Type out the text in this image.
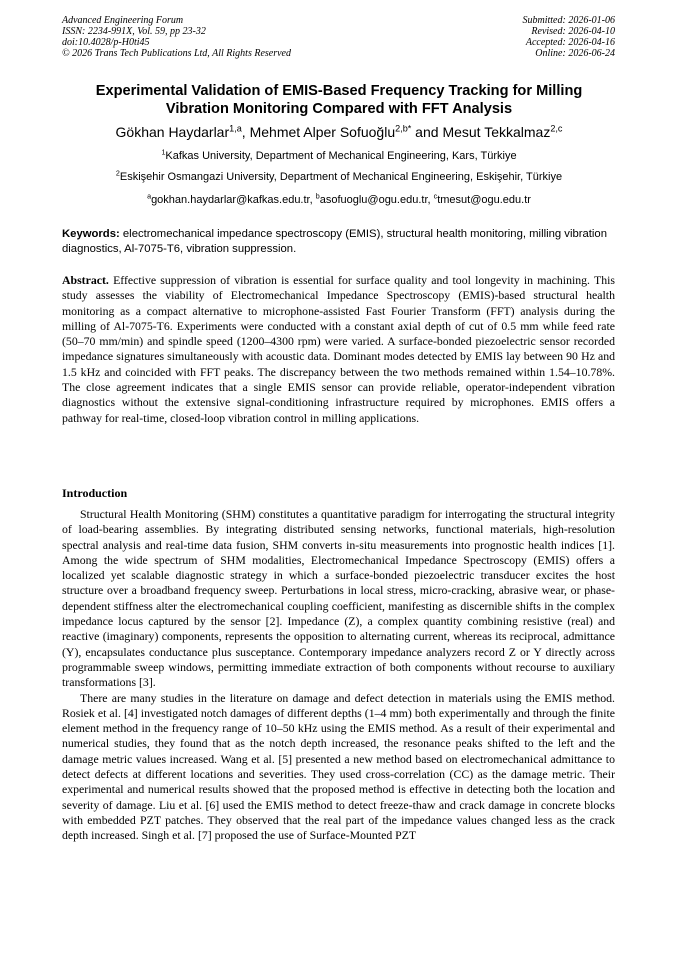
Advanced Engineering Forum
ISSN: 2234-991X, Vol. 59, pp 23-32
doi:10.4028/p-H0ti45
© 2026 Trans Tech Publications Ltd, All Rights Reserved
Submitted: 2026-01-06
Revised: 2026-04-10
Accepted: 2026-04-16
Online: 2026-06-24
Experimental Validation of EMIS-Based Frequency Tracking for Milling
Vibration Monitoring Compared with FFT Analysis
Gökhan Haydarlar$^{1,a}$, Mehmet Alper Sofuoğlu$^{2,b*}$ and Mesut Tekkalmaz$^{2,c}$
$^1$Kafkas University, Department of Mechanical Engineering, Kars, Türkiye
$^2$Eskişehir Osmangazi University, Department of Mechanical Engineering, Eskişehir, Türkiye
$^a$gokhan.haydarlar@kafkas.edu.tr, $^b$asofuoglu@ogu.edu.tr, $^c$tmesut@ogu.edu.tr
Keywords: electromechanical impedance spectroscopy (EMIS), structural health monitoring, milling vibration diagnostics, Al-7075-T6, vibration suppression.
Abstract. Effective suppression of vibration is essential for surface quality and tool longevity in machining. This study assesses the viability of Electromechanical Impedance Spectroscopy (EMIS)-based structural health monitoring as a compact alternative to microphone-assisted Fast Fourier Transform (FFT) analysis during the milling of Al-7075-T6. Experiments were conducted with a constant axial depth of cut of 0.5 mm while feed rate (50–70 mm/min) and spindle speed (1200–4300 rpm) were varied. A surface-bonded piezoelectric sensor recorded impedance signatures simultaneously with acoustic data. Dominant modes detected by EMIS lay between 90 Hz and 1.5 kHz and coincided with FFT peaks. The discrepancy between the two methods remained within 1.54–10.78%. The close agreement indicates that a single EMIS sensor can provide reliable, operator-independent vibration diagnostics without the extensive signal-conditioning infrastructure required by microphones. EMIS offers a pathway for real-time, closed-loop vibration control in milling applications.
Introduction

Structural Health Monitoring (SHM) constitutes a quantitative paradigm for interrogating the structural integrity of load-bearing assemblies. By integrating distributed sensing networks, functional materials, high-resolution spectral analysis and real-time data fusion, SHM converts in-situ measurements into prognostic health indices [1]. Among the wide spectrum of SHM modalities, Electromechanical Impedance Spectroscopy (EMIS) offers a localized yet scalable diagnostic strategy in which a surface-bonded piezoelectric transducer excites the host structure over a broadband frequency sweep. Perturbations in local stress, micro-cracking, abrasive wear, or phase-dependent stiffness alter the electromechanical coupling coefficient, manifesting as discernible shifts in the complex impedance locus captured by the sensor [2]. Impedance (Z), a complex quantity combining resistive (real) and reactive (imaginary) components, represents the opposition to alternating current, whereas its reciprocal, admittance (Y), encapsulates conductance plus susceptance. Contemporary impedance analyzers record Z or Y directly across programmable sweep windows, permitting immediate extraction of both components without recourse to auxiliary transformations [3].

There are many studies in the literature on damage and defect detection in materials using the EMIS method. Rosiek et al. [4] investigated notch damages of different depths (1–4 mm) both experimentally and through the finite element method in the frequency range of 10–50 kHz using the EMIS method. As a result of their experimental and numerical studies, they found that as the notch depth increased, the resonance peaks shifted to the left and the damage metric values increased. Wang et al. [5] presented a new method based on electromechanical admittance to detect defects at different locations and severities. They used cross-correlation (CC) as the damage metric. Their experimental and numerical results showed that the proposed method is effective in detecting both the location and severity of damage. Liu et al. [6] used the EMIS method to detect freeze-thaw and crack damage in concrete blocks with embedded PZT patches. They observed that the real part of the impedance values changed less as the crack depth increased. Singh et al. [7] proposed the use of Surface-Mounted PZT
